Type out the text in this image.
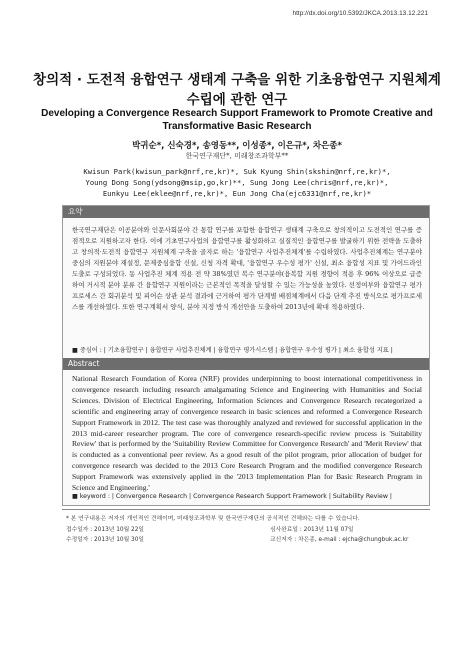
http://dx.doi.org/10.5392/JKCA.2013.13.12.221
창의적 · 도전적 융합연구 생태계 구축을 위한 기초융합연구 지원체계
수립에 관한 연구
Developing a Convergence Research Support Framework to Promote Creative and
Transformative Basic Research
박귀순*, 신숙경*, 송영동**, 이성종*, 이은규*, 차은종*
한국연구재단*, 미래창조과학부**
Kwisun Park(kwisun_park@nrf,re,kr)*, Suk Kyung Shin(skshin@nrf,re,kr)*,
Young Dong Song(ydsong@msip,go,kr)**, Sung Jong Lee(chris@nrf,re,kr)*,
Eunkyu Lee(eklee@nrf,re,kr)*, Eun Jong Cha(ejc6331@nrf,re,kr)*
요약
한국연구재단은 이공분야와 인문사회분야 간 통합 연구를 포함한 융합연구 생태계 구축으로 창의적이고 도전적인 연구를 증점적으로 지원하고자 한다. 이에 기초연구사업의 융합연구를 활성화하고 실질적인 융합연구를 발굴하기 위한 전략을 도출하고 창의적·도전적 융합연구 지원체계 구축을 골자로 하는 '융합연구 사업추진체계'를 수립하였다. 사업추진체계는 연구분야 중심의 지원분야 재설정, 문제중심융합 신설, 신청 자격 확대, '융합연구 우수성 평가' 신설, 최소 융합성 지표 및 가이드라인 도출로 구성되었다. 동 사업추진 체계 적용 전 약 38%였던 복수 연구분야(융복합 지원 경향이 적용 후 96% 이상으로 급증하여 거시적 분야 분류 간 융합연구 지원이라는 근본적인 목적을 달성할 수 있는 가능성을 높였다. 선정여부와 융합연구 평가 프로세스 간 회귀분석 및 피어슨 상관 분석 결과에 근거하여 평가 단계별 배점체계에서 다음 단계 추진 방식으로 평가프로세스를 개선하였다. 또한 연구계획서 양식, 분야 지정 방식 개선안을 도출하여 2013년에 확대 적용하였다.
■ 중심어 : | 기초융합연구 | 융합연구 사업추진체계 | 융합연구 평가시스템 | 융합연구 우수성 평가 | 최소 융합성 지표 |
Abstract
National Research Foundation of Korea (NRF) provides underpinning to boost international competitiveness in convergence research including research amalgamating Science and Engineering with Humanities and Social Sciences. Division of Electrical Engineering, Information Sciences and Convergence Research recategorized a scientific and engineering array of convergence research in basic sciences and reformed a Convergence Research Support Framework in 2012. The test case was thoroughly analyzed and reviewed for successful application in the 2013 mid-career researcher program. The core of convergence research-specific review process is 'Suitability Review' that is performed by the 'Suitability Review Committee for Convergence Research' and 'Merit Review' that is conducted as a conventional peer review. As a good result of the pilot program, prior allocation of budget for convergence research was decided to the 2013 Core Research Program and the modified convergence Research Support Framework was extensively applied in the '2013 Implementation Plan for Basic Research Program in Science and Engineering.'
■ keyword : | Convergence Research | Convergence Research Support Framework | Suitability Review |
* 본 연구내용은 저자의 개인적인 견해이며, 미래창조과학부 및 한국연구재단의 공식적인 견해와는 다를 수 있습니다.
접수일자 : 2013년 10월 22일
수정일자 : 2013년 10월 30일
심사완료일 : 2013년 11월 07일
교신저자 : 차은종, e-mail : ejcha@chungbuk.ac.kr
